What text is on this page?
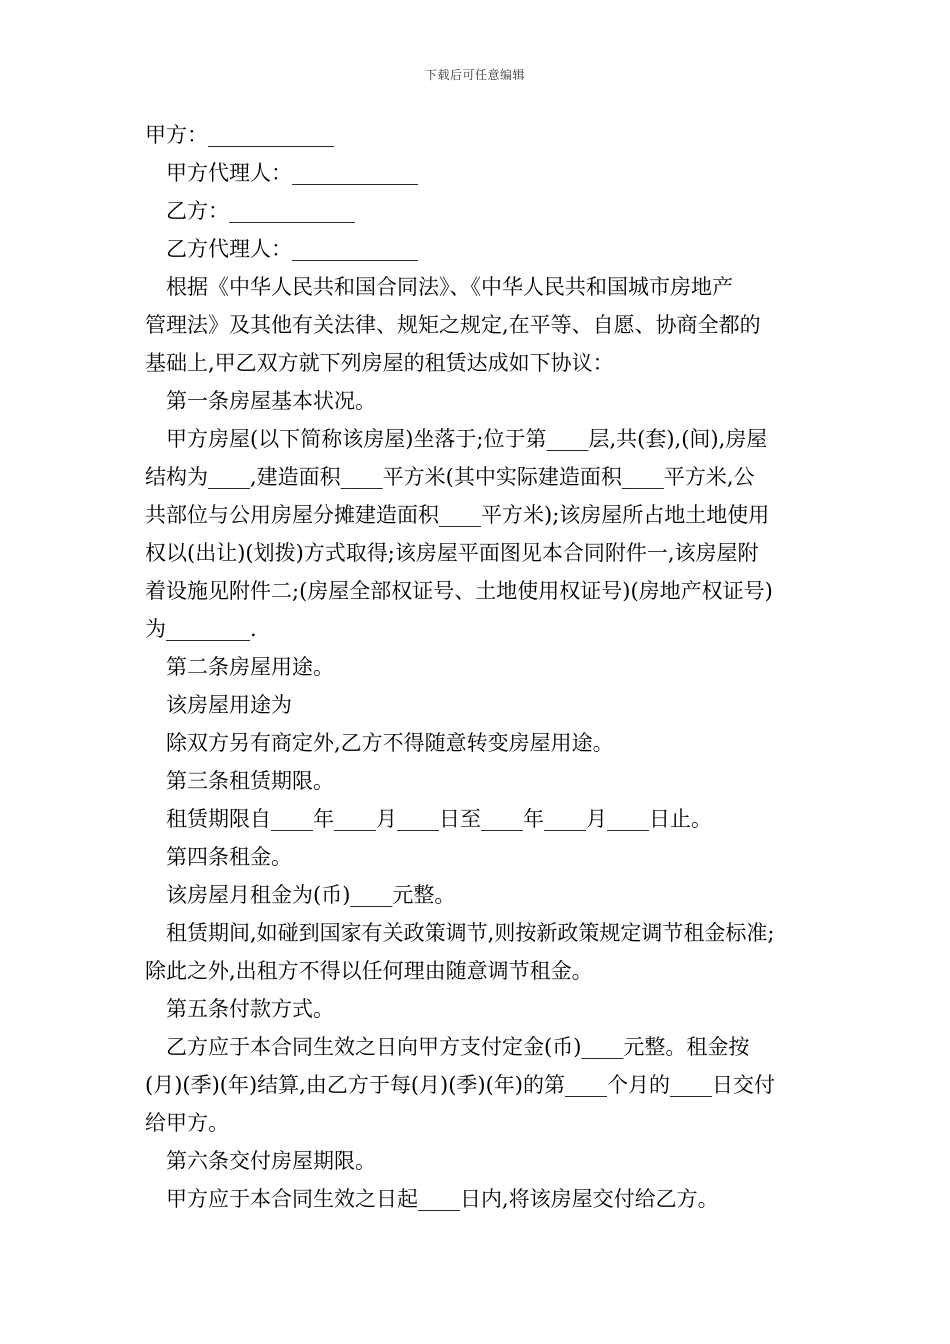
下载后可任意编辑
甲方：____________
甲方代理人：____________
乙方：____________
乙方代理人：____________
根据《中华人民共和国合同法》、《中华人民共和国城市房地产
管理法》及其他有关法律、规矩之规定,在平等、自愿、协商全都的
基础上,甲乙双方就下列房屋的租赁达成如下协议：
第一条房屋基本状况。
甲方房屋(以下简称该房屋)坐落于;位于第____层,共(套),(间),房屋
结构为____,建造面积____平方米(其中实际建造面积____平方米,公
共部位与公用房屋分摊建造面积____平方米);该房屋所占地土地使用
权以(出让)(划拨)方式取得;该房屋平面图见本合同附件一,该房屋附
着设施见附件二;(房屋全部权证号、土地使用权证号)(房地产权证号)
为________.
第二条房屋用途。
该房屋用途为
除双方另有商定外,乙方不得随意转变房屋用途。
第三条租赁期限。
租赁期限自____年____月____日至____年____月____日止。
第四条租金。
该房屋月租金为(币)____元整。
租赁期间,如碰到国家有关政策调节,则按新政策规定调节租金标准;
除此之外,出租方不得以任何理由随意调节租金。
第五条付款方式。
乙方应于本合同生效之日向甲方支付定金(币)____元整。租金按
(月)(季)(年)结算,由乙方于每(月)(季)(年)的第____个月的____日交付
给甲方。
第六条交付房屋期限。
甲方应于本合同生效之日起____日内,将该房屋交付给乙方。
